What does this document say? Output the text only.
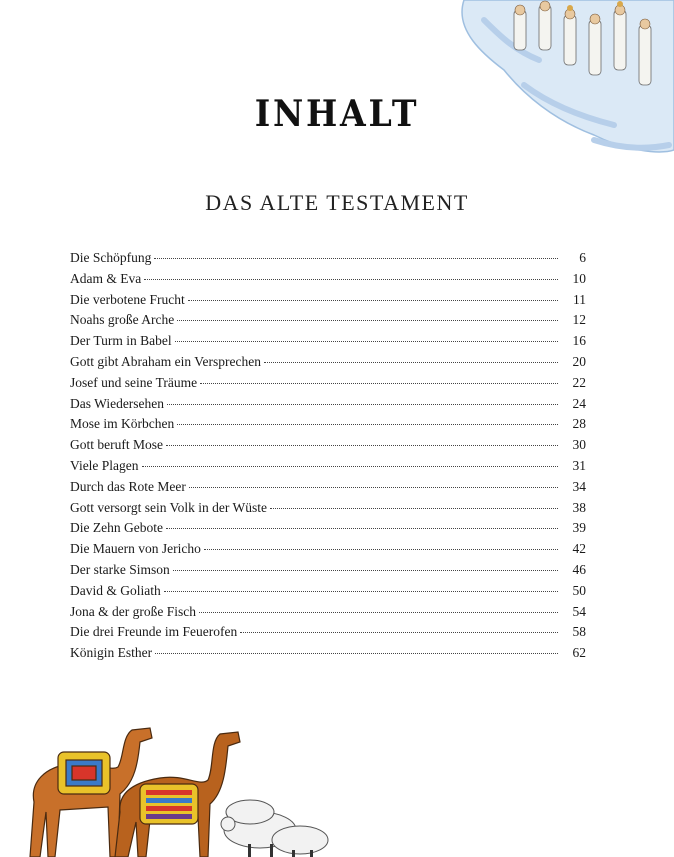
INHALT
DAS ALTE TESTAMENT
Die Schöpfung	6
Adam & Eva	10
Die verbotene Frucht	11
Noahs große Arche	12
Der Turm in Babel	16
Gott gibt Abraham ein Versprechen	20
Josef und seine Träume	22
Das Wiedersehen	24
Mose im Körbchen	28
Gott beruft Mose	30
Viele Plagen	31
Durch das Rote Meer	34
Gott versorgt sein Volk in der Wüste	38
Die Zehn Gebote	39
Die Mauern von Jericho	42
Der starke Simson	46
David & Goliath	50
Jona & der große Fisch	54
Die drei Freunde im Feuerofen	58
Königin Esther	62
